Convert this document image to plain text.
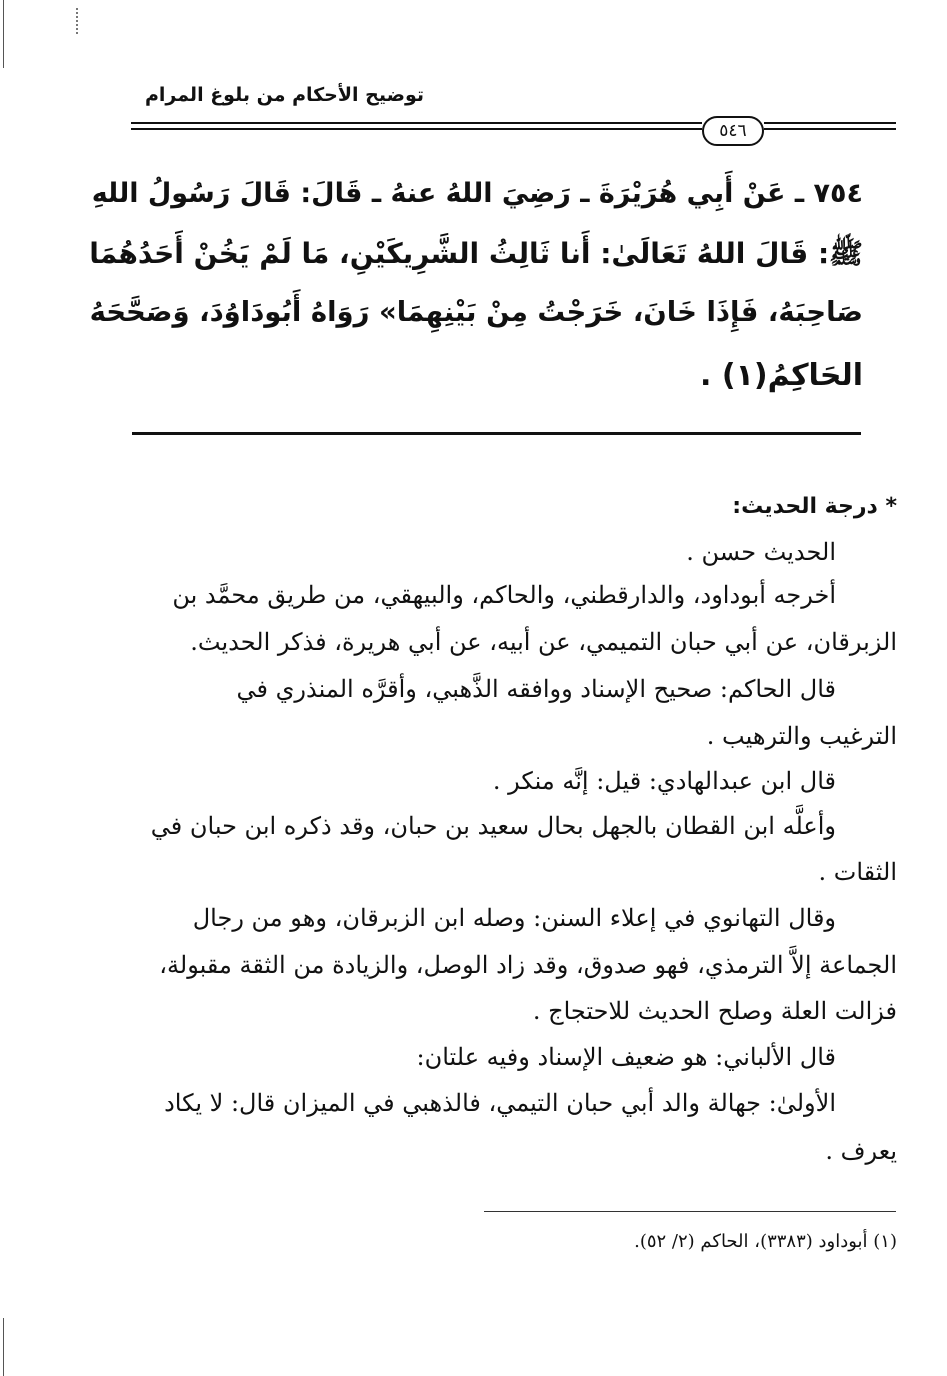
توضيح الأحكام من بلوغ المرام
٥٤٦
٧٥٤ ـ عَنْ أَبِي هُرَيْرَةَ ـ رَضِيَ اللهُ عنهُ ـ قَالَ: قَالَ رَسُولُ اللهِ
ﷺ: قَالَ اللهُ تَعَالَىٰ: أَنا ثَالِثُ الشَّرِيكَيْنِ، مَا لَمْ يَخُنْ أَحَدُهُمَا
صَاحِبَهُ، فَإِذَا خَانَ، خَرَجْتُ مِنْ بَيْنِهِمَا» رَوَاهُ أَبُودَاوُدَ، وَصَحَّحَهُ
الحَاكِمُ(١) .
* درجة الحديث:
الحديث حسن .
أخرجه أبوداود، والدارقطني، والحاكم، والبيهقي، من طريق محمَّد بن
الزبرقان، عن أبي حبان التميمي، عن أبيه، عن أبي هريرة، فذكر الحديث.
قال الحاكم: صحيح الإسناد ووافقه الذَّهبي، وأقرَّه المنذري في
الترغيب والترهيب .
قال ابن عبدالهادي: قيل: إنَّه منكر .
وأعلَّه ابن القطان بالجهل بحال سعيد بن حبان، وقد ذكره ابن حبان في
الثقات .
وقال التهانوي في إعلاء السنن: وصله ابن الزبرقان، وهو من رجال
الجماعة إلاَّ الترمذي، فهو صدوق، وقد زاد الوصل، والزيادة من الثقة مقبولة،
فزالت العلة وصلح الحديث للاحتجاج .
قال الألباني: هو ضعيف الإسناد وفيه علتان:
الأولىٰ: جهالة والد أبي حبان التيمي، فالذهبي في الميزان قال: لا يكاد
يعرف .
(١) أبوداود (٣٣٨٣)، الحاكم (٢/ ٥٢).
